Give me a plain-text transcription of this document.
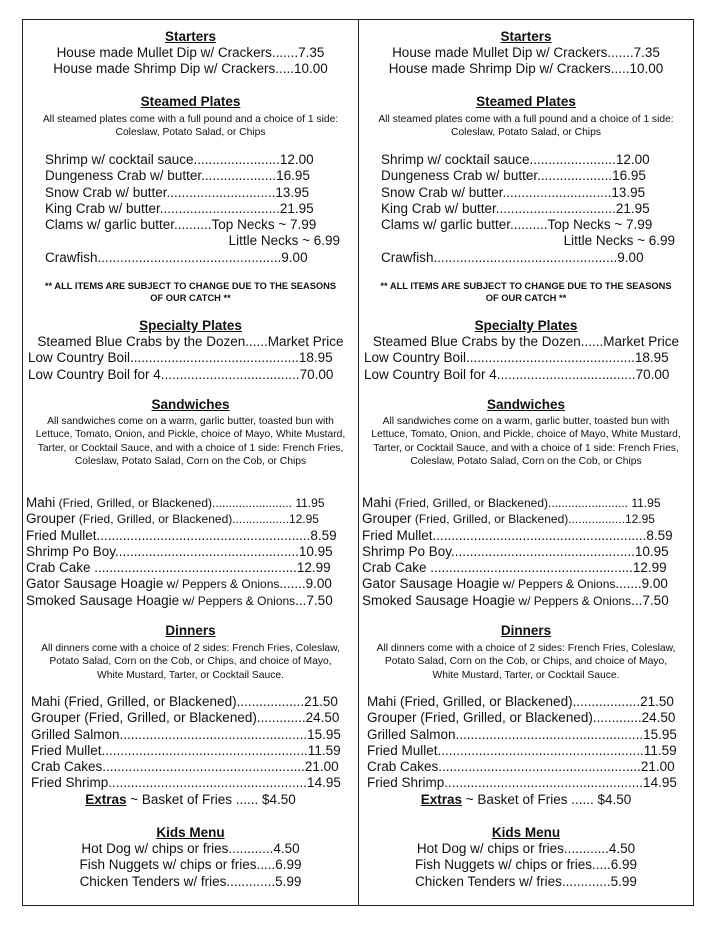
Starters
House made Mullet Dip w/ Crackers.......7.35
House made Shrimp Dip w/ Crackers.....10.00
Steamed Plates
All steamed plates come with a full pound and a choice of 1 side: Coleslaw, Potato Salad, or Chips
Shrimp w/ cocktail sauce.......................12.00
Dungeness Crab w/ butter....................16.95
Snow Crab w/ butter.............................13.95
King Crab w/ butter................................21.95
Clams w/ garlic butter..........Top Necks ~ 7.99
Little Necks ~ 6.99
Crawfish.................................................9.00
** ALL ITEMS ARE SUBJECT TO CHANGE DUE TO THE SEASONS OF OUR CATCH **
Specialty Plates
Steamed Blue Crabs by the Dozen......Market Price
Low Country Boil.............................................18.95
Low Country Boil for 4.....................................70.00
Sandwiches
All sandwiches come on a warm, garlic butter, toasted bun with Lettuce, Tomato, Onion, and Pickle, choice of Mayo, White Mustard, Tarter, or Cocktail Sauce, and with a choice of 1 side: French Fries, Coleslaw, Potato Salad, Corn on the Cob, or Chips
Mahi (Fried, Grilled, or Blackened)........................ 11.95
Grouper (Fried, Grilled, or Blackened).................12.95
Fried Mullet.........................................................8.59
Shrimp Po Boy.................................................10.95
Crab Cake ......................................................12.99
Gator Sausage Hoagie w/ Peppers & Onions.......9.00
Smoked Sausage Hoagie w/ Peppers & Onions...7.50
Dinners
All dinners come with a choice of 2 sides: French Fries, Coleslaw, Potato Salad, Corn on the Cob, or Chips, and choice of Mayo, White Mustard, Tarter, or Cocktail Sauce.
Mahi (Fried, Grilled, or Blackened)..................21.50
Grouper (Fried, Grilled, or Blackened).............24.50
Grilled Salmon..................................................15.95
Fried Mullet.......................................................11.59
Crab Cakes......................................................21.00
Fried Shrimp.....................................................14.95
Extras ~ Basket of Fries ...... $4.50
Kids Menu
Hot Dog w/ chips or fries............4.50
Fish Nuggets w/ chips or fries.....6.99
Chicken Tenders w/ fries.............5.99
Starters
House made Mullet Dip w/ Crackers.......7.35
House made Shrimp Dip w/ Crackers.....10.00
Steamed Plates
All steamed plates come with a full pound and a choice of 1 side: Coleslaw, Potato Salad, or Chips
Shrimp w/ cocktail sauce.......................12.00
Dungeness Crab w/ butter....................16.95
Snow Crab w/ butter.............................13.95
King Crab w/ butter................................21.95
Clams w/ garlic butter..........Top Necks ~ 7.99
Little Necks ~ 6.99
Crawfish.................................................9.00
** ALL ITEMS ARE SUBJECT TO CHANGE DUE TO THE SEASONS OF OUR CATCH **
Specialty Plates
Steamed Blue Crabs by the Dozen......Market Price
Low Country Boil.............................................18.95
Low Country Boil for 4.....................................70.00
Sandwiches
All sandwiches come on a warm, garlic butter, toasted bun with Lettuce, Tomato, Onion, and Pickle, choice of Mayo, White Mustard, Tarter, or Cocktail Sauce, and with a choice of 1 side: French Fries, Coleslaw, Potato Salad, Corn on the Cob, or Chips
Mahi (Fried, Grilled, or Blackened)........................ 11.95
Grouper (Fried, Grilled, or Blackened).................12.95
Fried Mullet.........................................................8.59
Shrimp Po Boy.................................................10.95
Crab Cake ......................................................12.99
Gator Sausage Hoagie w/ Peppers & Onions.......9.00
Smoked Sausage Hoagie w/ Peppers & Onions...7.50
Dinners
All dinners come with a choice of 2 sides: French Fries, Coleslaw, Potato Salad, Corn on the Cob, or Chips, and choice of Mayo, White Mustard, Tarter, or Cocktail Sauce.
Mahi (Fried, Grilled, or Blackened)..................21.50
Grouper (Fried, Grilled, or Blackened).............24.50
Grilled Salmon..................................................15.95
Fried Mullet.......................................................11.59
Crab Cakes......................................................21.00
Fried Shrimp.....................................................14.95
Extras ~ Basket of Fries ...... $4.50
Kids Menu
Hot Dog w/ chips or fries............4.50
Fish Nuggets w/ chips or fries.....6.99
Chicken Tenders w/ fries.............5.99
